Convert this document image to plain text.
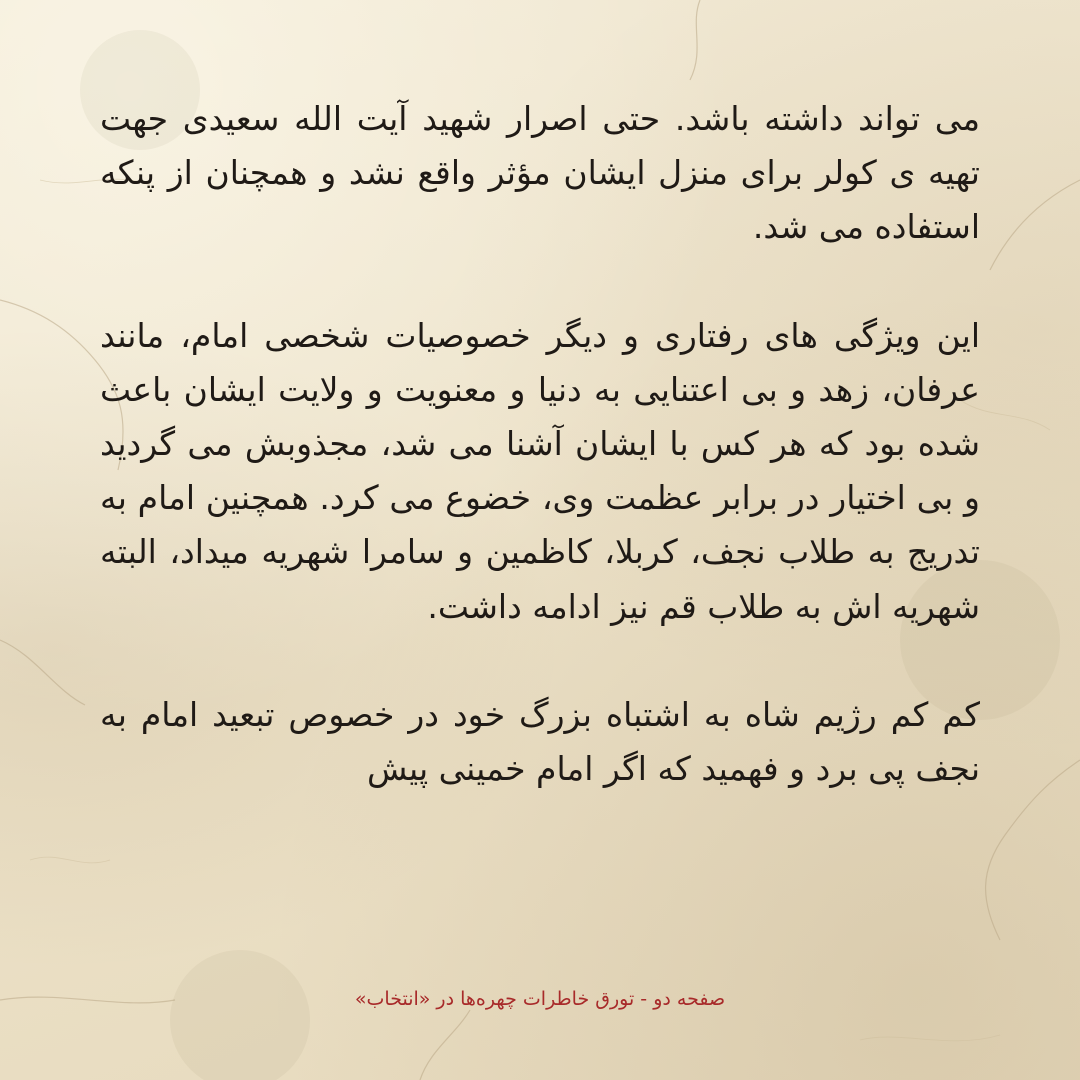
می تواند داشته باشد. حتی اصرار شهید آیت الله سعیدی جهت تهیه ی کولر برای منزل ایشان مؤثر واقع نشد و همچنان از پنکه استفاده می شد.

این ویژگی های رفتاری و دیگر خصوصیات شخصی امام، مانند عرفان، زهد و بی اعتنایی به دنیا و معنویت و ولایت ایشان باعث شده بود که هر کس با ایشان آشنا می شد، مجذوبش می گردید و بی اختیار در برابر عظمت وی، خضوع می کرد. همچنین امام به تدریج به طلاب نجف، کربلا، کاظمین و سامرا شهریه میداد، البته شهریه اش به طلاب قم نیز ادامه داشت.

کم کم رژیم شاه به اشتباه بزرگ خود در خصوص تبعید امام به نجف پی برد و فهمید که اگر امام خمینی پیش

صفحه دو - تورق خاطرات چهره‌ها در «انتخاب»
